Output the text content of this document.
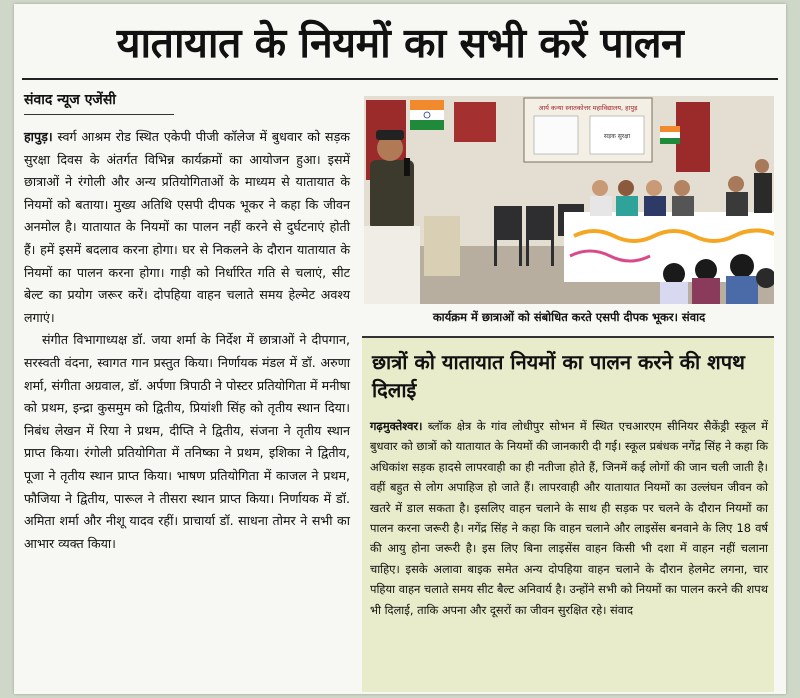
यातायात के नियमों का सभी करें पालन
संवाद न्यूज एजेंसी

हापुड़। स्वर्ग आश्रम रोड स्थित एकेपी पीजी कॉलेज में बुधवार को सड़क सुरक्षा दिवस के अंतर्गत विभिन्न कार्यक्रमों का आयोजन हुआ। इसमें छात्राओं ने रंगोली और अन्य प्रतियोगिताओं के माध्यम से यातायात के नियमों को बताया। मुख्य अतिथि एसपी दीपक भूकर ने कहा कि जीवन अनमोल है। यातायात के नियमों का पालन नहीं करने से दुर्घटनाएं होती हैं। हमें इसमें बदलाव करना होगा। घर से निकलने के दौरान यातायात के नियमों का पालन करना होगा। गाड़ी को निर्धारित गति से चलाएं, सीट बेल्ट का प्रयोग जरूर करें। दोपहिया वाहन चलाते समय हेल्मेट अवश्य लगाएं।

संगीत विभागाध्यक्ष डॉ. जया शर्मा के निर्देश में छात्राओं ने दीपगान, सरस्वती वंदना, स्वागत गान प्रस्तुत किया। निर्णायक मंडल में डॉ. अरुणा शर्मा, संगीता अग्रवाल, डॉ. अर्पणा त्रिपाठी ने पोस्टर प्रतियोगिता में मनीषा को प्रथम, इन्द्रा कुसमुम को द्वितीय, प्रियांशी सिंह को तृतीय स्थान दिया। निबंध लेखन में रिया ने प्रथम, दीप्ति ने द्वितीय, संजना ने तृतीय स्थान प्राप्त किया। रंगोली प्रतियोगिता में तनिष्का ने प्रथम, इशिका ने द्वितीय, पूजा ने तृतीय स्थान प्राप्त किया। भाषण प्रतियोगिता में काजल ने प्रथम, फौजिया ने द्वितीय, पारूल ने तीसरा स्थान प्राप्त किया। निर्णायक में डॉ. अमिता शर्मा और नीशू यादव रहीं। प्राचार्या डॉ. साधना तोमर ने सभी का आभार व्यक्त किया।

आर्य कन्या स्नातकोत्तर महाविद्यालय, हापुड़
सड़क सुरक्षा
कार्यक्रम में छात्राओं को संबोधित करते एसपी दीपक भूकर। संवाद
छात्रों को यातायात नियमों का पालन करने की शपथ दिलाई

गढ़मुक्तेश्वर। ब्लॉक क्षेत्र के गांव लोधीपुर सोभन में स्थित एचआरएम सीनियर सैकेंड्री स्कूल में बुधवार को छात्रों को यातायात के नियमों की जानकारी दी गई। स्कूल प्रबंधक नगेंद्र सिंह ने कहा कि अधिकांश सड़क हादसे लापरवाही का ही नतीजा होते हैं, जिनमें कई लोगों की जान चली जाती है। वहीं बहुत से लोग अपाहिज हो जाते हैं। लापरवाही और यातायात नियमों का उल्लंघन जीवन को खतरे में डाल सकता है। इसलिए वाहन चलाने के साथ ही सड़क पर चलने के दौरान नियमों का पालन करना जरूरी है। नगेंद्र सिंह ने कहा कि वाहन चलाने और लाइसेंस बनवाने के लिए 18 वर्ष की आयु होना जरूरी है। इस लिए बिना लाइसेंस वाहन किसी भी दशा में वाहन नहीं चलाना चाहिए। इसके अलावा बाइक समेत अन्य दोपहिया वाहन चलाने के दौरान हेलमेट लगना, चार पहिया वाहन चलाते समय सीट बैल्ट अनिवार्य है। उन्होंने सभी को नियमों का पालन करने की शपथ भी दिलाई, ताकि अपना और दूसरों का जीवन सुरक्षित रहे। संवाद
